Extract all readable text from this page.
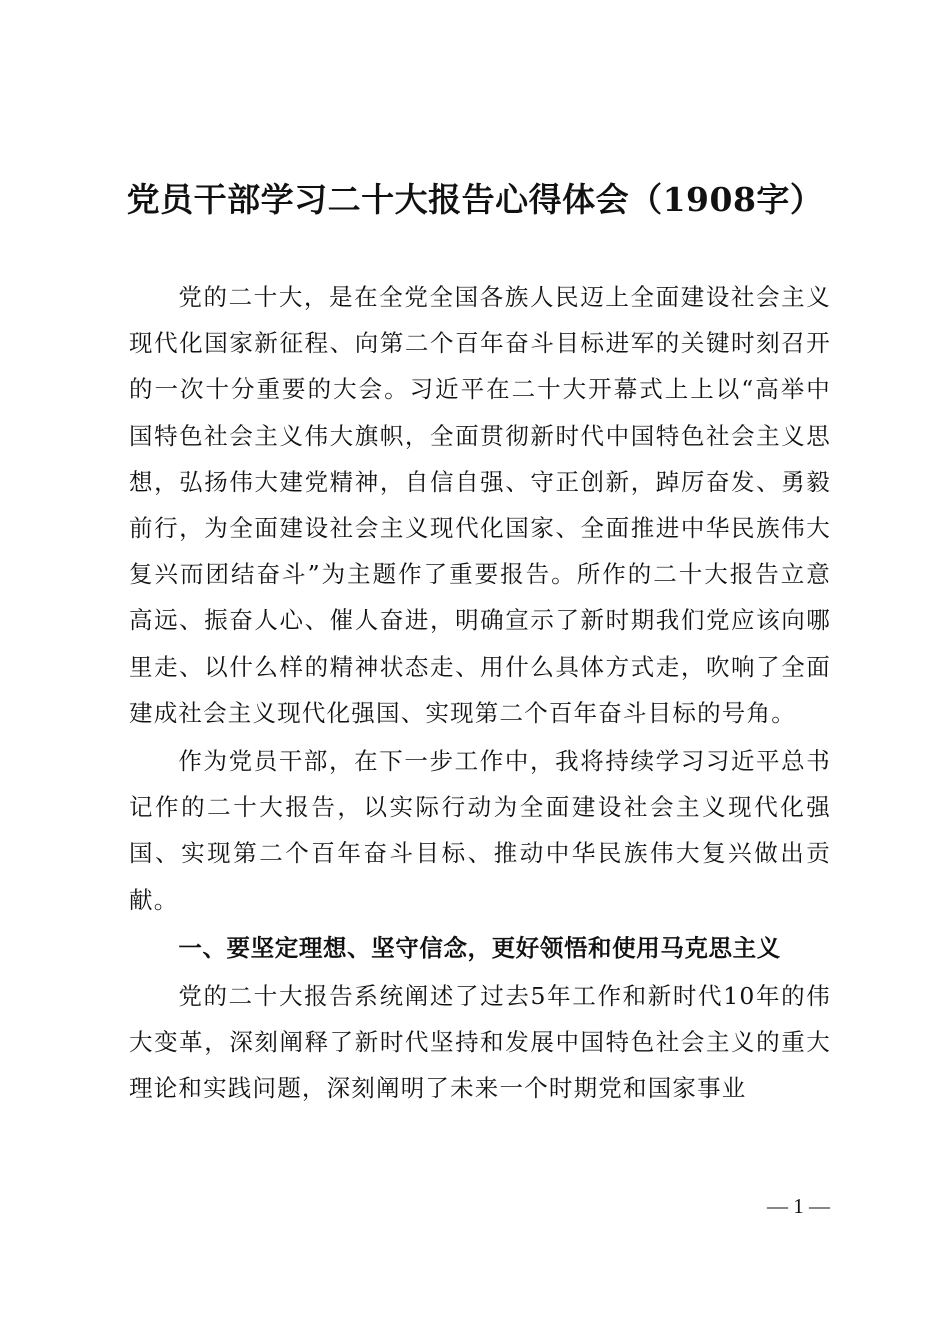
党员干部学习二十大报告心得体会（1908字）

党的二十大，是在全党全国各族人民迈上全面建设社会主义现代化国家新征程、向第二个百年奋斗目标进军的关键时刻召开的一次十分重要的大会。习近平在二十大开幕式上上以“高举中国特色社会主义伟大旗帜，全面贯彻新时代中国特色社会主义思想，弘扬伟大建党精神，自信自强、守正创新，踔厉奋发、勇毅前行，为全面建设社会主义现代化国家、全面推进中华民族伟大复兴而团结奋斗”为主题作了重要报告。所作的二十大报告立意高远、振奋人心、催人奋进，明确宣示了新时期我们党应该向哪里走、以什么样的精神状态走、用什么具体方式走，吹响了全面建成社会主义现代化强国、实现第二个百年奋斗目标的号角。

作为党员干部，在下一步工作中，我将持续学习习近平总书记作的二十大报告，以实际行动为全面建设社会主义现代化强国、实现第二个百年奋斗目标、推动中华民族伟大复兴做出贡献。

一、要坚定理想、坚守信念，更好领悟和使用马克思主义

党的二十大报告系统阐述了过去5年工作和新时代10年的伟大变革，深刻阐释了新时代坚持和发展中国特色社会主义的重大理论和实践问题，深刻阐明了未来一个时期党和国家事业

— 1 —
